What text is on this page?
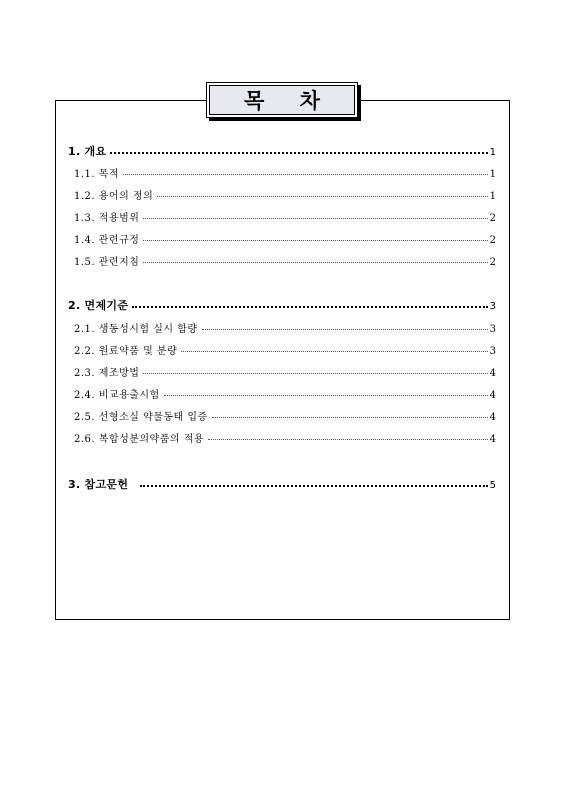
목 차
1. 개요	1
1.1. 목적	1
1.2. 용어의 정의	1
1.3. 적용범위	2
1.4. 관련규정	2
1.5. 관련지침	2
2. 면제기준	3
2.1. 생동성시험 실시 함량	3
2.2. 원료약품 및 분량	3
2.3. 제조방법	4
2.4. 비교용출시험	4
2.5. 선형소실 약물동태 입증	4
2.6. 복합성분의약품의 적용	4
3. 참고문헌	5
